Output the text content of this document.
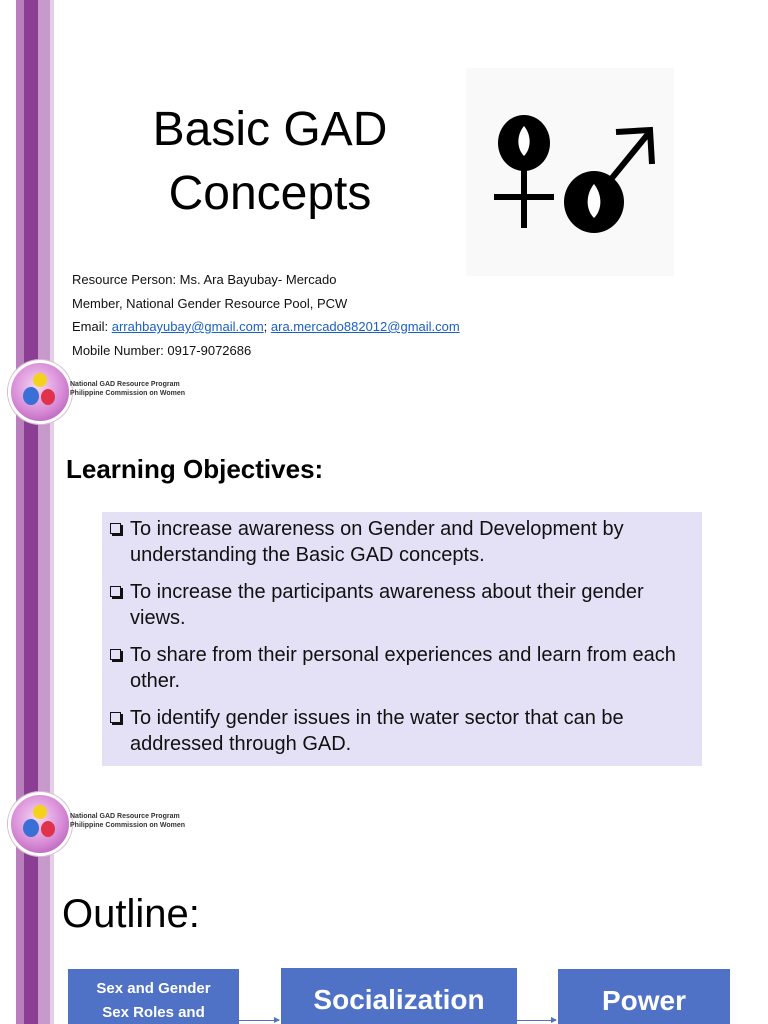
Basic GAD
Concepts
Resource Person: Ms. Ara Bayubay- Mercado
Member, National Gender Resource Pool, PCW
Email: arrahbayubay@gmail.com; ara.mercado882012@gmail.com
Mobile Number: 0917-9072686
National GAD Resource Program
Philippine Commission on Women
Learning Objectives:
To increase awareness on Gender and Development by understanding the Basic GAD concepts.
To increase the participants awareness about their gender views.
To share from their personal experiences and learn from each other.
To identify gender issues in the water sector that can be addressed through GAD.
National GAD Resource Program
Philippine Commission on Women
Outline:
Sex and Gender
Sex Roles and	Socialization	Power
